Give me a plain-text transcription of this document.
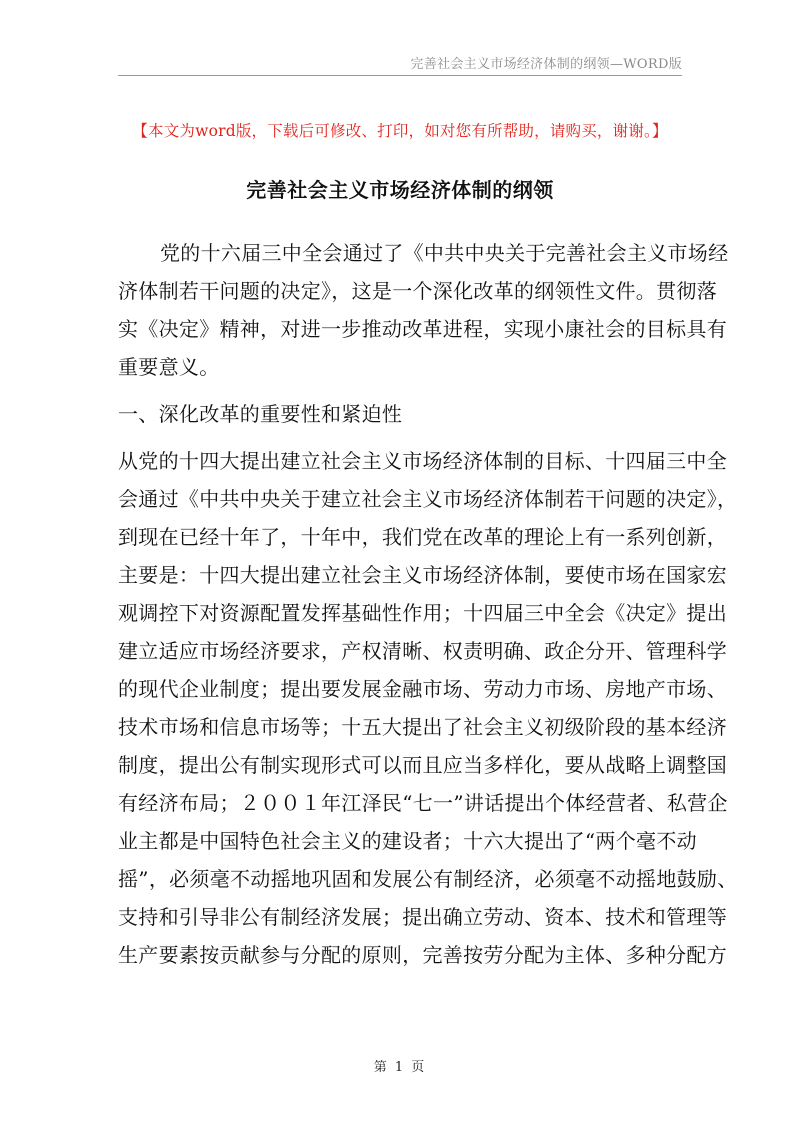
完善社会主义市场经济体制的纲领—WORD版
【本文为word版，下载后可修改、打印，如对您有所帮助，请购买，谢谢。】
完善社会主义市场经济体制的纲领
党的十六届三中全会通过了《中共中央关于完善社会主义市场经
济体制若干问题的决定》，这是一个深化改革的纲领性文件。贯彻落
实《决定》精神，对进一步推动改革进程，实现小康社会的目标具有
重要意义。
一、深化改革的重要性和紧迫性
从党的十四大提出建立社会主义市场经济体制的目标、十四届三中全
会通过《中共中央关于建立社会主义市场经济体制若干问题的决定》，
到现在已经十年了，十年中，我们党在改革的理论上有一系列创新，
主要是：十四大提出建立社会主义市场经济体制，要使市场在国家宏
观调控下对资源配置发挥基础性作用；十四届三中全会《决定》提出
建立适应市场经济要求，产权清晰、权责明确、政企分开、管理科学
的现代企业制度；提出要发展金融市场、劳动力市场、房地产市场、
技术市场和信息市场等；十五大提出了社会主义初级阶段的基本经济
制度，提出公有制实现形式可以而且应当多样化，要从战略上调整国
有经济布局；２００１年江泽民“七一”讲话提出个体经营者、私营企
业主都是中国特色社会主义的建设者；十六大提出了“两个毫不动
摇”，必须毫不动摇地巩固和发展公有制经济，必须毫不动摇地鼓励、
支持和引导非公有制经济发展；提出确立劳动、资本、技术和管理等
生产要素按贡献参与分配的原则，完善按劳分配为主体、多种分配方
第 1 页
